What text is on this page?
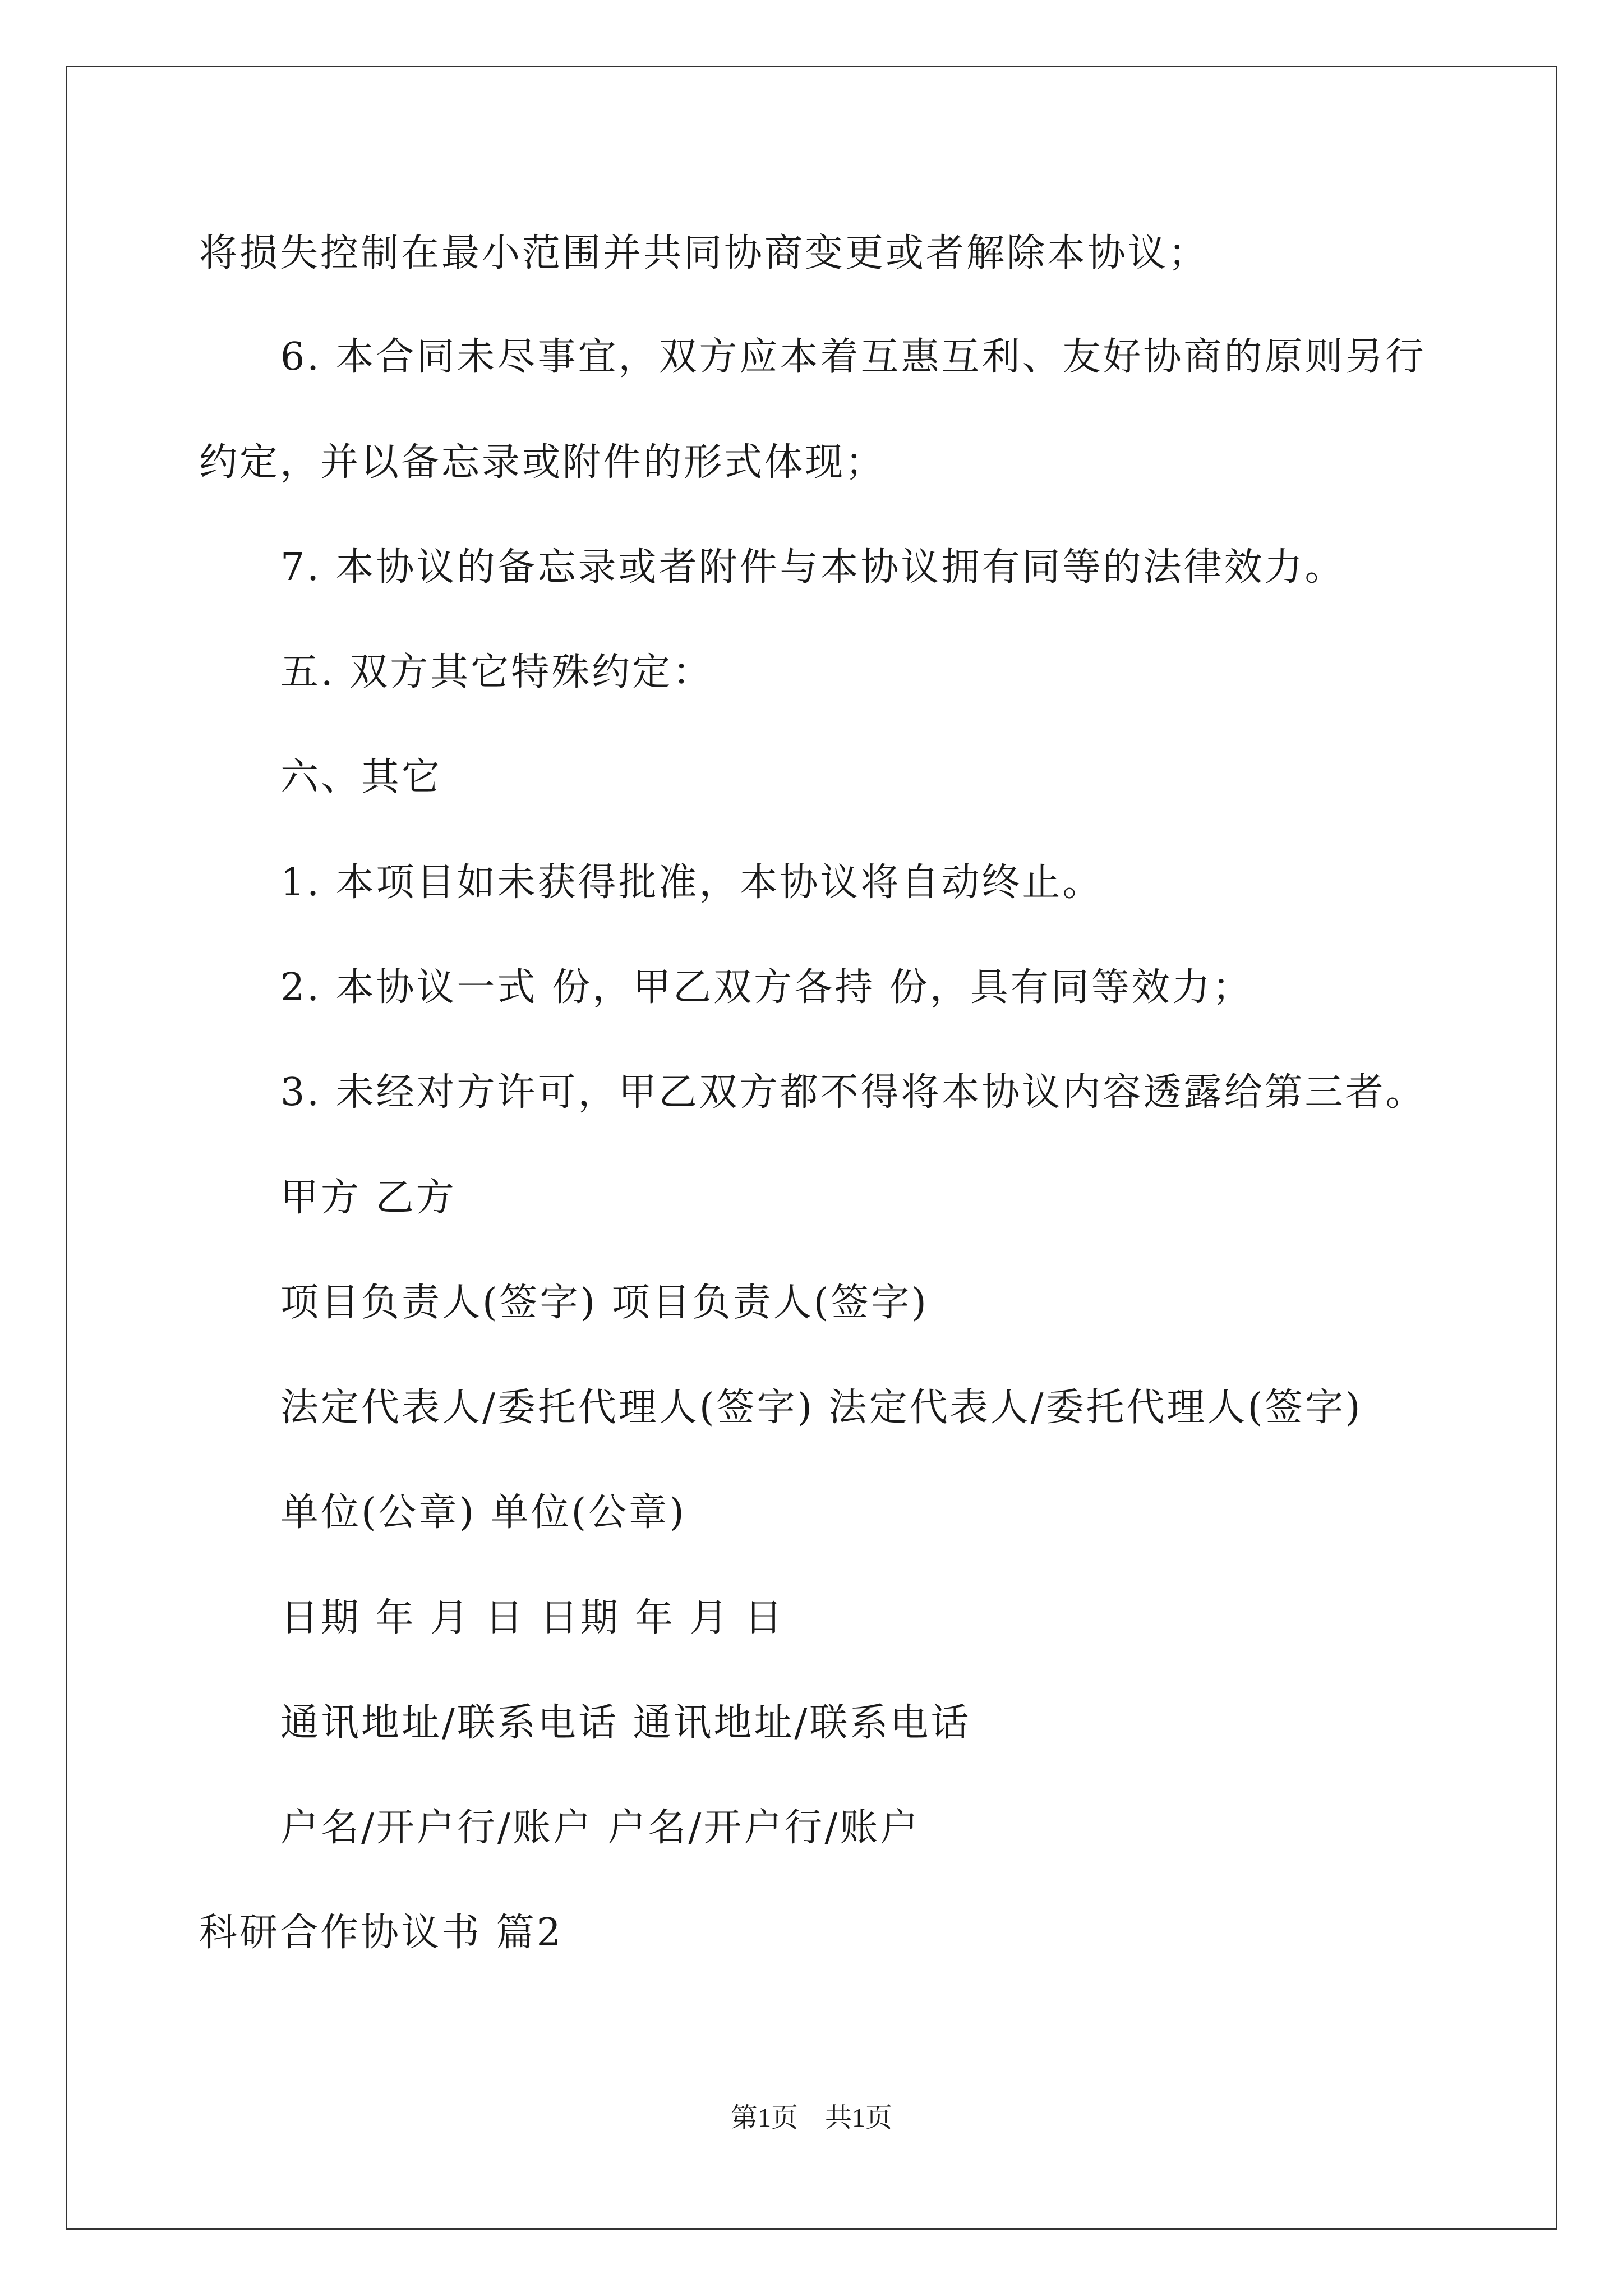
将损失控制在最小范围并共同协商变更或者解除本协议；

6. 本合同未尽事宜，双方应本着互惠互利、友好协商的原则另行

约定，并以备忘录或附件的形式体现；

7. 本协议的备忘录或者附件与本协议拥有同等的法律效力。

五. 双方其它特殊约定：

六、其它

1. 本项目如未获得批准，本协议将自动终止。

2. 本协议一式 份，甲乙双方各持 份，具有同等效力；

3. 未经对方许可，甲乙双方都不得将本协议内容透露给第三者。

甲方 乙方

项目负责人(签字) 项目负责人(签字)

法定代表人/委托代理人(签字) 法定代表人/委托代理人(签字)

单位(公章) 单位(公章)

日期 年 月 日 日期 年 月 日

通讯地址/联系电话 通讯地址/联系电话

户名/开户行/账户 户名/开户行/账户

科研合作协议书 篇2

第1页　共1页
